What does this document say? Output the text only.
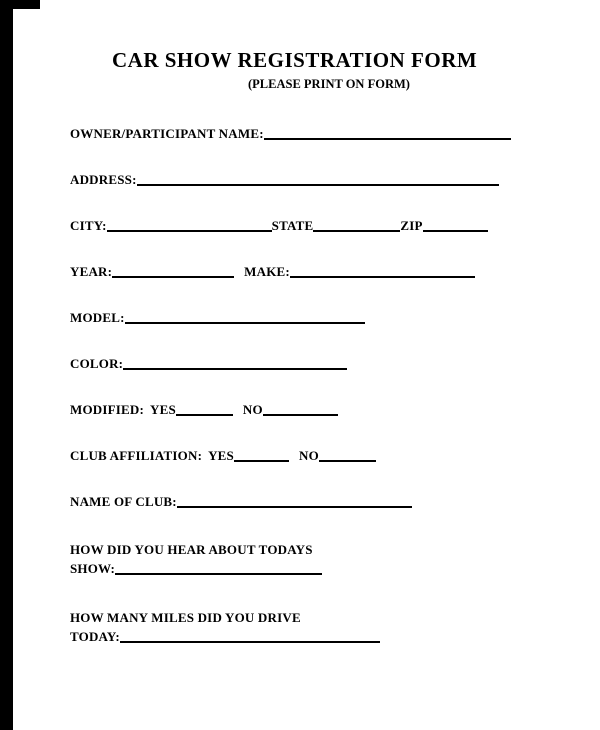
CAR SHOW REGISTRATION FORM
(PLEASE PRINT ON FORM)
OWNER/PARTICIPANT NAME:
ADDRESS:
CITY:	STATE	ZIP
YEAR:	MAKE:
MODEL:
COLOR:
MODIFIED: YES	NO
CLUB AFFILIATION: YES	NO
NAME OF CLUB:
HOW DID YOU HEAR ABOUT TODAYS
SHOW:
HOW MANY MILES DID YOU DRIVE
TODAY:
